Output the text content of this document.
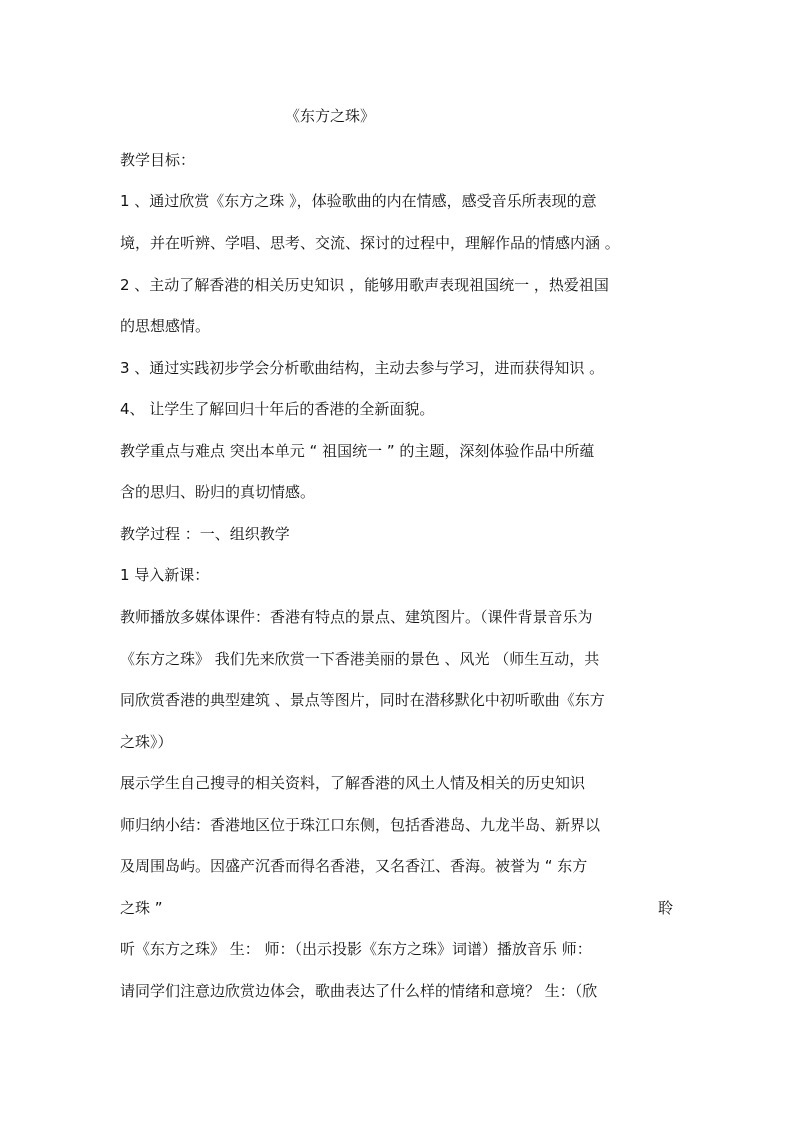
《东方之珠》
教学目标：
1 、通过欣赏《东方之珠 》，体验歌曲的内在情感，感受音乐所表现的意
境，并在听辨、学唱、思考、交流、探讨的过程中，理解作品的情感内涵 。
2 、主动了解香港的相关历史知识 ，能够用歌声表现祖国统一 ，热爱祖国
的思想感情。
3 、通过实践初步学会分析歌曲结构，主动去参与学习，进而获得知识 。
4、 让学生了解回归十年后的香港的全新面貌。
教学重点与难点 突出本单元 “ 祖国统一 ” 的主题，深刻体验作品中所蕴
含的思归、盼归的真切情感。
教学过程 ：一、组织教学
1 导入新课：
教师播放多媒体课件：香港有特点的景点、建筑图片。（课件背景音乐为
《东方之珠》 我们先来欣赏一下香港美丽的景色 、风光 （师生互动，共
同欣赏香港的典型建筑 、景点等图片，同时在潜移默化中初听歌曲《东方
之珠》）
展示学生自己搜寻的相关资料，了解香港的风土人情及相关的历史知识
师归纳小结：香港地区位于珠江口东侧，包括香港岛、九龙半岛、新界以
及周围岛屿。因盛产沉香而得名香港，又名香江、香海。被誉为 “ 东方
之珠 ”	聆
听《东方之珠》 生： 师：（出示投影《东方之珠》词谱）播放音乐 师：
请同学们注意边欣赏边体会，歌曲表达了什么样的情绪和意境？ 生：（欣
